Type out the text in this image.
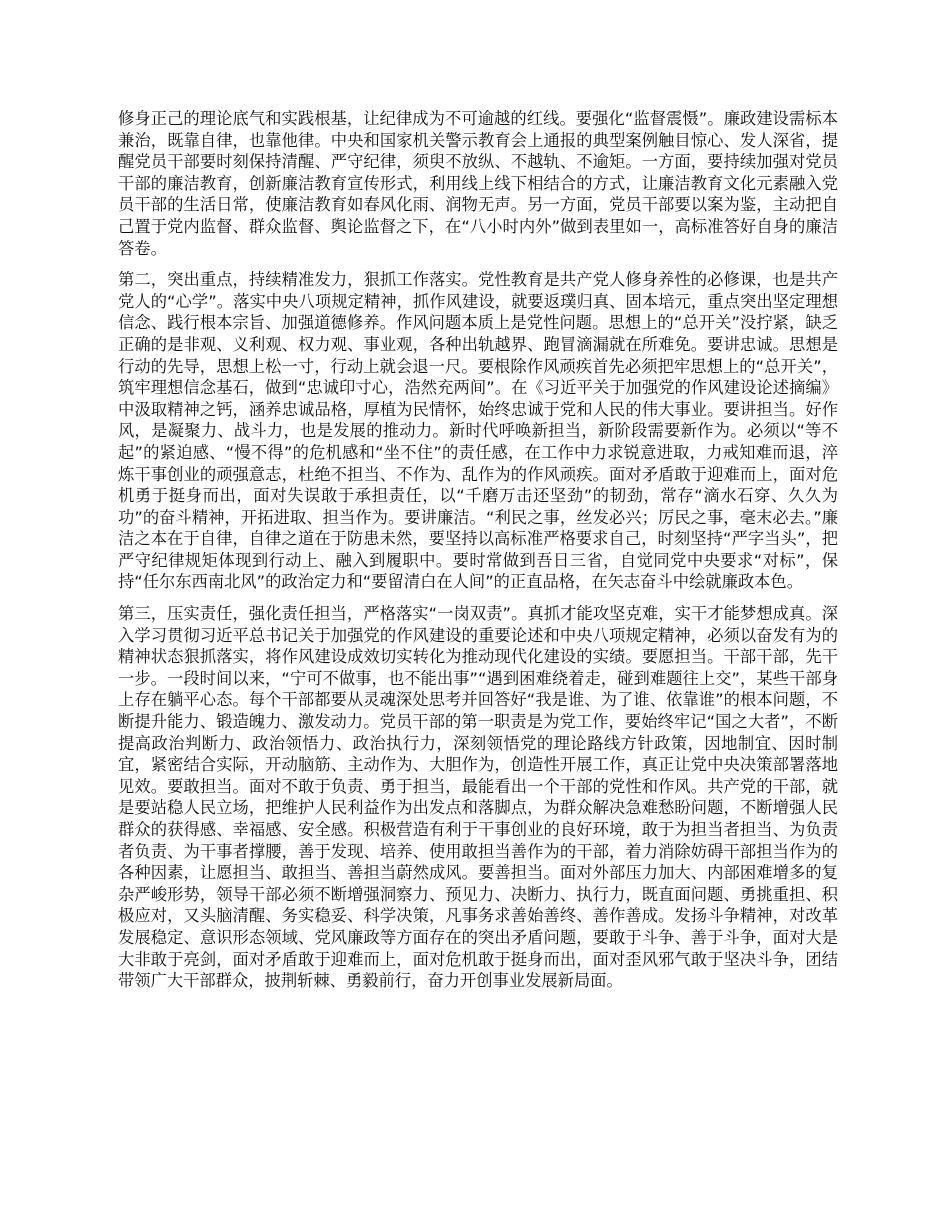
修身正己的理论底气和实践根基，让纪律成为不可逾越的红线。要强化“监督震慑”。廉政建设需标本兼治，既靠自律，也靠他律。中央和国家机关警示教育会上通报的典型案例触目惊心、发人深省，提醒党员干部要时刻保持清醒、严守纪律，须臾不放纵、不越轨、不逾矩。一方面，要持续加强对党员干部的廉洁教育，创新廉洁教育宣传形式，利用线上线下相结合的方式，让廉洁教育文化元素融入党员干部的生活日常，使廉洁教育如春风化雨、润物无声。另一方面，党员干部要以案为鉴，主动把自己置于党内监督、群众监督、舆论监督之下，在“八小时内外”做到表里如一，高标准答好自身的廉洁答卷。

第二，突出重点，持续精准发力，狠抓工作落实。党性教育是共产党人修身养性的必修课，也是共产党人的“心学”。落实中央八项规定精神，抓作风建设，就要返璞归真、固本培元，重点突出坚定理想信念、践行根本宗旨、加强道德修养。作风问题本质上是党性问题。思想上的“总开关”没拧紧，缺乏正确的是非观、义利观、权力观、事业观，各种出轨越界、跑冒滴漏就在所难免。要讲忠诚。思想是行动的先导，思想上松一寸，行动上就会退一尺。要根除作风顽疾首先必须把牢思想上的“总开关”，筑牢理想信念基石，做到“忠诚印寸心，浩然充两间”。在《习近平关于加强党的作风建设论述摘编》中汲取精神之钙，涵养忠诚品格，厚植为民情怀，始终忠诚于党和人民的伟大事业。要讲担当。好作风，是凝聚力、战斗力，也是发展的推动力。新时代呼唤新担当，新阶段需要新作为。必须以“等不起”的紧迫感、“慢不得”的危机感和“坐不住”的责任感，在工作中力求锐意进取，力戒知难而退，淬炼干事创业的顽强意志，杜绝不担当、不作为、乱作为的作风顽疾。面对矛盾敢于迎难而上，面对危机勇于挺身而出，面对失误敢于承担责任，以“千磨万击还坚劲”的韧劲，常存“滴水石穿、久久为功”的奋斗精神，开拓进取、担当作为。要讲廉洁。“利民之事，丝发必兴；厉民之事，毫末必去。”廉洁之本在于自律，自律之道在于防患未然，要坚持以高标准严格要求自己，时刻坚持“严字当头”，把严守纪律规矩体现到行动上、融入到履职中。要时常做到吾日三省，自觉同党中央要求“对标”，保持“任尔东西南北风”的政治定力和“要留清白在人间”的正直品格，在矢志奋斗中绘就廉政本色。

第三，压实责任，强化责任担当，严格落实“一岗双责”。真抓才能攻坚克难，实干才能梦想成真。深入学习贯彻习近平总书记关于加强党的作风建设的重要论述和中央八项规定精神，必须以奋发有为的精神状态狠抓落实，将作风建设成效切实转化为推动现代化建设的实绩。要愿担当。干部干部，先干一步。一段时间以来，“宁可不做事，也不能出事”“遇到困难绕着走，碰到难题往上交”，某些干部身上存在躺平心态。每个干部都要从灵魂深处思考并回答好“我是谁、为了谁、依靠谁”的根本问题，不断提升能力、锻造魄力、激发动力。党员干部的第一职责是为党工作，要始终牢记“国之大者”，不断提高政治判断力、政治领悟力、政治执行力，深刻领悟党的理论路线方针政策，因地制宜、因时制宜，紧密结合实际，开动脑筋、主动作为、大胆作为，创造性开展工作，真正让党中央决策部署落地见效。要敢担当。面对不敢于负责、勇于担当，最能看出一个干部的党性和作风。共产党的干部，就是要站稳人民立场，把维护人民利益作为出发点和落脚点，为群众解决急难愁盼问题，不断增强人民群众的获得感、幸福感、安全感。积极营造有利于干事创业的良好环境，敢于为担当者担当、为负责者负责、为干事者撑腰，善于发现、培养、使用敢担当善作为的干部，着力消除妨碍干部担当作为的各种因素，让愿担当、敢担当、善担当蔚然成风。要善担当。面对外部压力加大、内部困难增多的复杂严峻形势，领导干部必须不断增强洞察力、预见力、决断力、执行力，既直面问题、勇挑重担、积极应对，又头脑清醒、务实稳妥、科学决策，凡事务求善始善终、善作善成。发扬斗争精神，对改革发展稳定、意识形态领域、党风廉政等方面存在的突出矛盾问题，要敢于斗争、善于斗争，面对大是大非敢于亮剑，面对矛盾敢于迎难而上，面对危机敢于挺身而出，面对歪风邪气敢于坚决斗争，团结带领广大干部群众，披荆斩棘、勇毅前行，奋力开创事业发展新局面。
